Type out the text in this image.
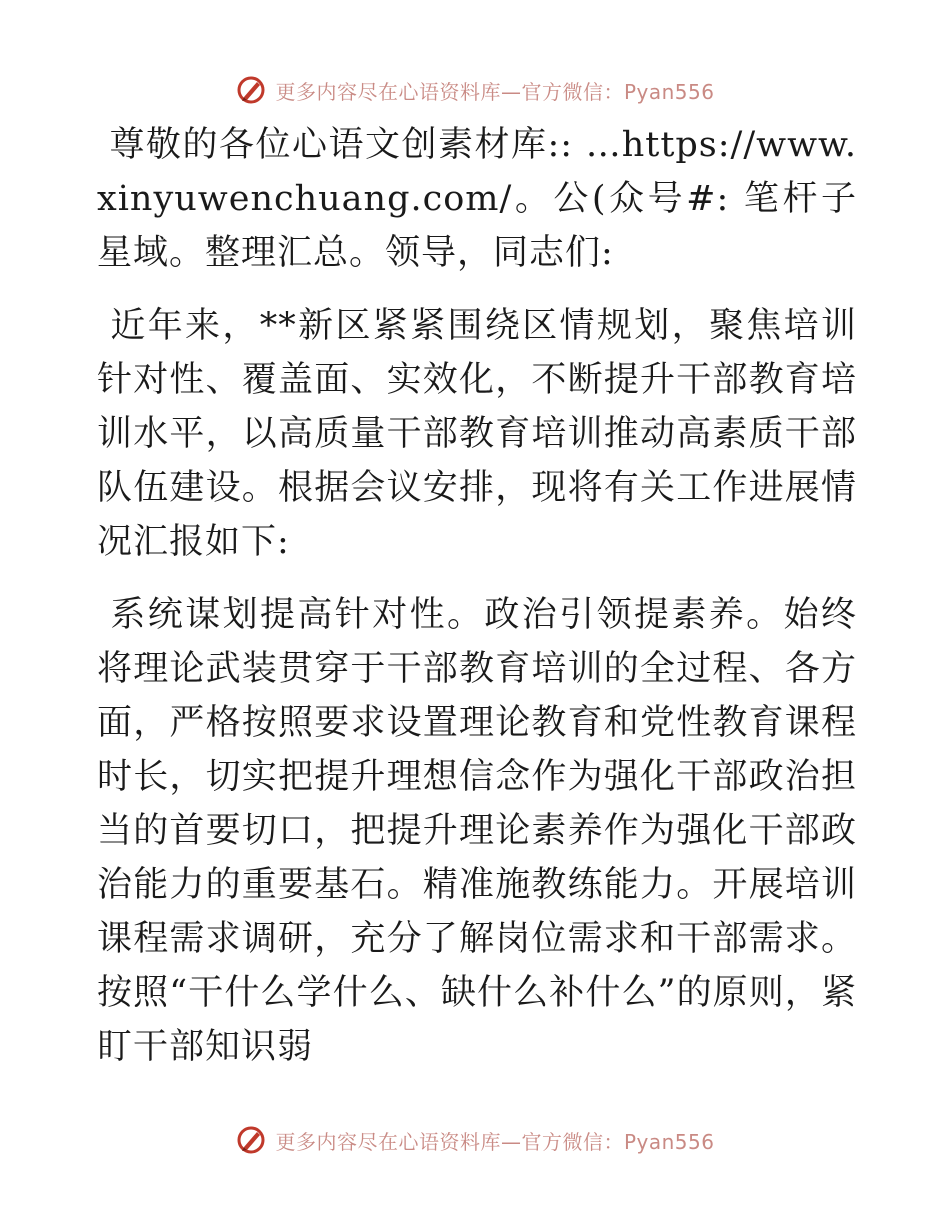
更多内容尽在心语资料库—官方微信：Pyan556

尊敬的各位心语文创素材库:: …https://www.xinyuwenchuang.com/。公(众号#: 笔杆子星域。整理汇总。领导，同志们:

近年来，**新区紧紧围绕区情规划，聚焦培训针对性、覆盖面、实效化，不断提升干部教育培训水平，以高质量干部教育培训推动高素质干部队伍建设。根据会议安排，现将有关工作进展情况汇报如下:

系统谋划提高针对性。政治引领提素养。始终将理论武装贯穿于干部教育培训的全过程、各方面，严格按照要求设置理论教育和党性教育课程时长，切实把提升理想信念作为强化干部政治担当的首要切口，把提升理论素养作为强化干部政治能力的重要基石。精准施教练能力。开展培训课程需求调研，充分了解岗位需求和干部需求。按照“干什么学什么、缺什么补什么”的原则，紧盯干部知识弱

更多内容尽在心语资料库—官方微信：Pyan556
